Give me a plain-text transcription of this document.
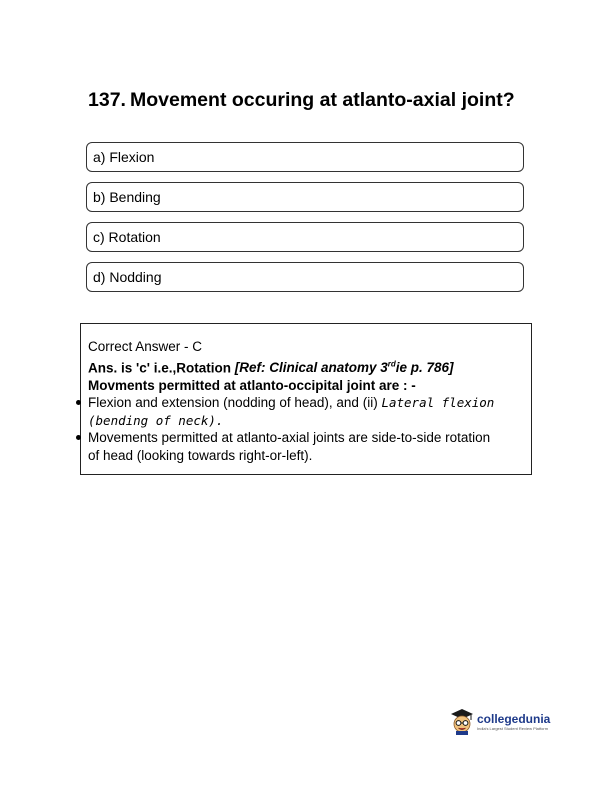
137. Movement occuring at atlanto-axial joint?
a) Flexion
b) Bending
c) Rotation
d) Nodding
Correct Answer - C
Ans. is 'c' i.e.,Rotation [Ref: Clinical anatomy 3rdie p. 786]
Movments permitted at atlanto-occipital joint are : -
Flexion and extension (nodding of head), and (ii) Lateral flexion
(bending of neck).
Movements permitted at atlanto-axial joints are side-to-side rotation
of head (looking towards right-or-left).
collegedunia
India's Largest Student Review Platform
